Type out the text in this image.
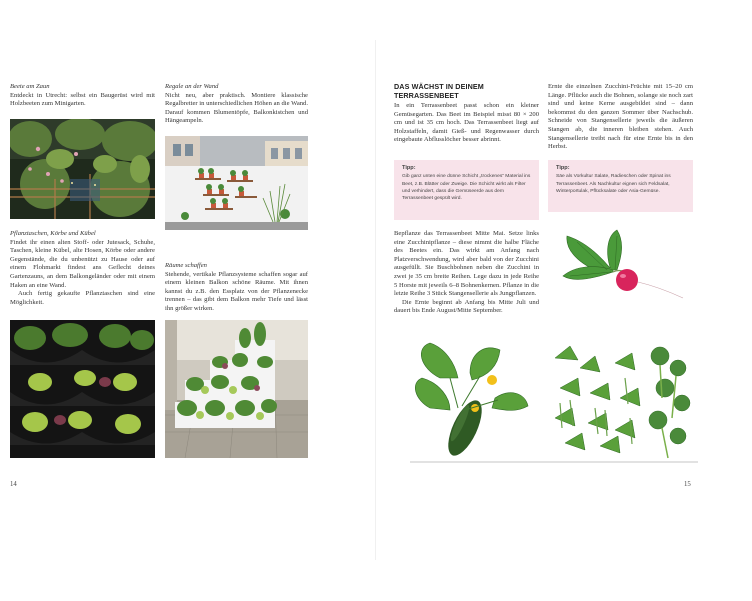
Beete am Zaun

Entdeckt in Utrecht: selbst ein Baugerüst wird mit Holzbeeten zum Minigarten.

Pflanztaschen, Körbe und Kübel

Findet ihr einen alten Stoff- oder Jutesack, Schuhe, Taschen, kleine Kübel, alte Hosen, Körbe oder andere Gegenstände, die du unbenützt zu Hause oder auf einem Flohmarkt findest ans Geflecht deines Gartenzauns, an dem Balkongeländer oder mit einem Haken an eine Wand.

Auch fertig gekaufte Pflanztaschen sind eine Möglichkeit.

Regale an der Wand

Nicht neu, aber praktisch. Montiere klassische Regalbretter in unterschiedlichen Höhen an die Wand. Darauf kommen Blumentöpfe, Balkonkistchen und Hängeampeln.

Räume schaffen

Stehende, vertikale Pflanzsysteme schaffen sogar auf einem kleinen Balkon schöne Räume. Mit ihnen kannst du z.B. den Essplatz von der Pflanzenecke trennen – das gibt dem Balkon mehr Tiefe und lässt ihn größer wirken.

14
DAS WÄCHST IN DEINEM TERRASSENBEET

In ein Terrassenbeet passt schon ein kleiner Gemüsegarten. Das Beet im Beispiel misst 80 × 200 cm und ist 35 cm hoch. Das Terrassenbeet liegt auf Holzstaffeln, damit Gieß- und Regenwasser durch eingebaute Abflusslöcher besser abrinnt.

Tipp:
Gib ganz unten eine dünne Schicht „trockenes“ Material ins Beet, z.B. Blätter oder Zweige. Die Schicht wirkt als Filter und verhindert, dass die Gemüseerde aus dem Terrassenbeet gespült wird.

Bepflanze das Terrassenbeet Mitte Mai. Setze links eine Zucchinipflanze – diese nimmt die halbe Fläche des Beetes ein. Das wirkt am Anfang nach Platzverschwendung, wird aber bald von der Zucchini ausgefüllt. Sie Buschbohnen neben die Zucchini in zwei je 35 cm breite Reihen. Lege dazu in jede Reihe 5 Horste mit jeweils 6–8 Bohnenkernen. Pflanze in die letzte Reihe 3 Stück Stangensellerie als Jungpflanzen.

Die Ernte beginnt ab Anfang bis Mitte Juli und dauert bis Ende August/Mitte September.

Ernte die einzelnen Zucchini-Früchte mit 15–20 cm Länge. Pflücke auch die Bohnen, solange sie noch zart sind und keine Kerne ausgebildet sind – dann bekommst du den ganzen Sommer über Nachschub. Schneide von Stangensellerie jeweils die äußeren Stangen ab, die inneren bleiben stehen. Auch Stangensellerie treibt nach für eine Ernte bis in den Herbst.

Tipp:
Säe als Vorkultur Salate, Radieschen oder Spinat ins Terrassenbeet. Als Nachkultur eignen sich Feldsalat, Winterportulak, Pflücksalate oder Asia-Gemüse.
15
